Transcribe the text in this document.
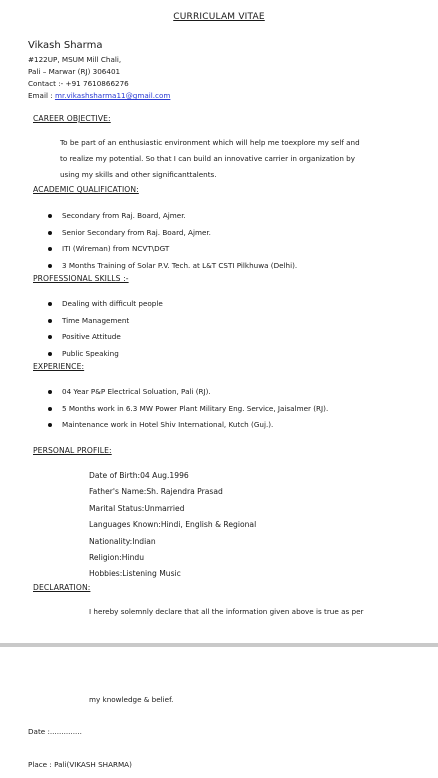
CURRICULAM VITAE
Vikash Sharma
#122UP, MSUM Mill Chali,
Pali – Marwar (RJ) 306401
Contact :- +91 7610866276
Email : mr.vikashsharma11@gmail.com
CAREER OBJECTIVE:
To be part of an enthusiastic environment which will help me toexplore my self and
to realize my potential. So that I can build an innovative carrier in organization by
using my skills and other significanttalents.
ACADEMIC QUALIFICATION:
Secondary from Raj. Board, Ajmer.
Senior Secondary from Raj. Board, Ajmer.
ITI (Wireman) from NCVT\DGT
3 Months Training of Solar P.V. Tech. at L&T CSTI Pilkhuwa (Delhi).
PROFESSIONAL SKILLS :-
Dealing with difficult people
Time Management
Positive Attitude
Public Speaking
EXPERIENCE:
04 Year P&P Electrical Soluation, Pali (RJ).
5 Months work in 6.3 MW Power Plant Military Eng. Service, Jaisalmer (RJ).
Maintenance work in Hotel Shiv International, Kutch (Guj.).
PERSONAL PROFILE:
Date of Birth:04 Aug.1996
Father's Name:Sh. Rajendra Prasad
Marital Status:Unmarried
Languages Known:Hindi, English & Regional
Nationality:Indian
Religion:Hindu
Hobbies:Listening Music
DECLARATION:
I hereby solemnly declare that all the information given above is true as per
my knowledge & belief.
Date :..............
Place : Pali(VIKASH SHARMA)
